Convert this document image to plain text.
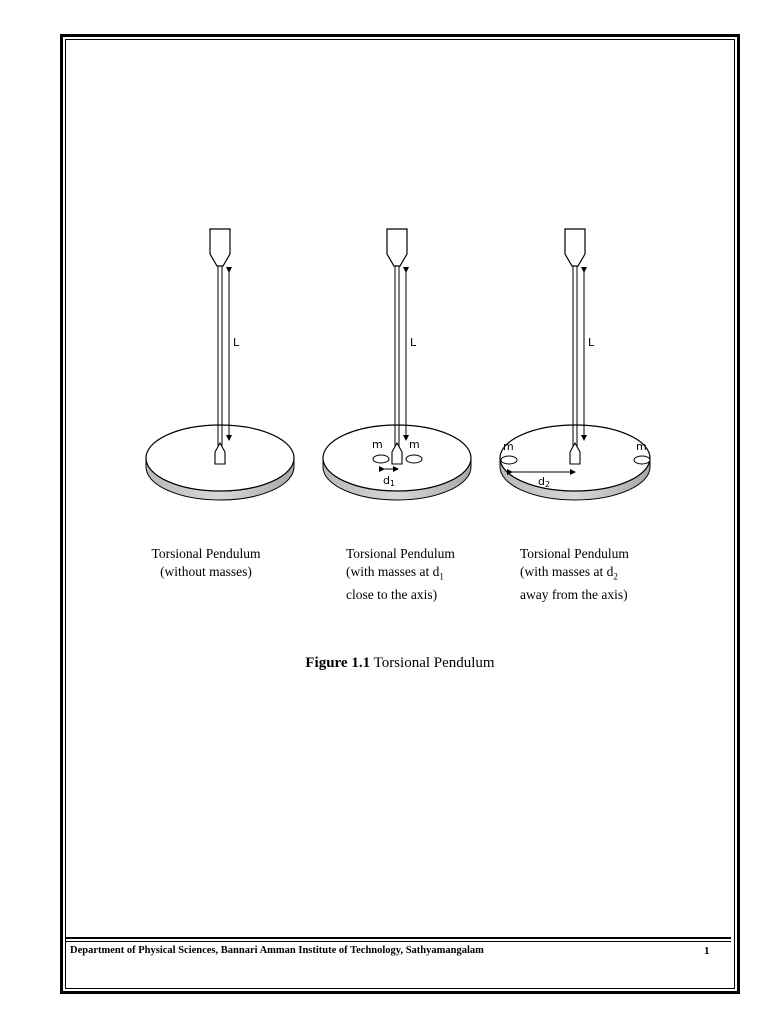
L	L
m m
d1
L
m	m
d2
Torsional Pendulum
(without masses)
Torsional Pendulum
(with masses at $d_1$
close to the axis)
Torsional Pendulum
(with masses at $d_2$
away from the axis)
Figure 1.1 Torsional Pendulum
Department of Physical Sciences, Bannari Amman Institute of Technology, Sathyamangalam	1
